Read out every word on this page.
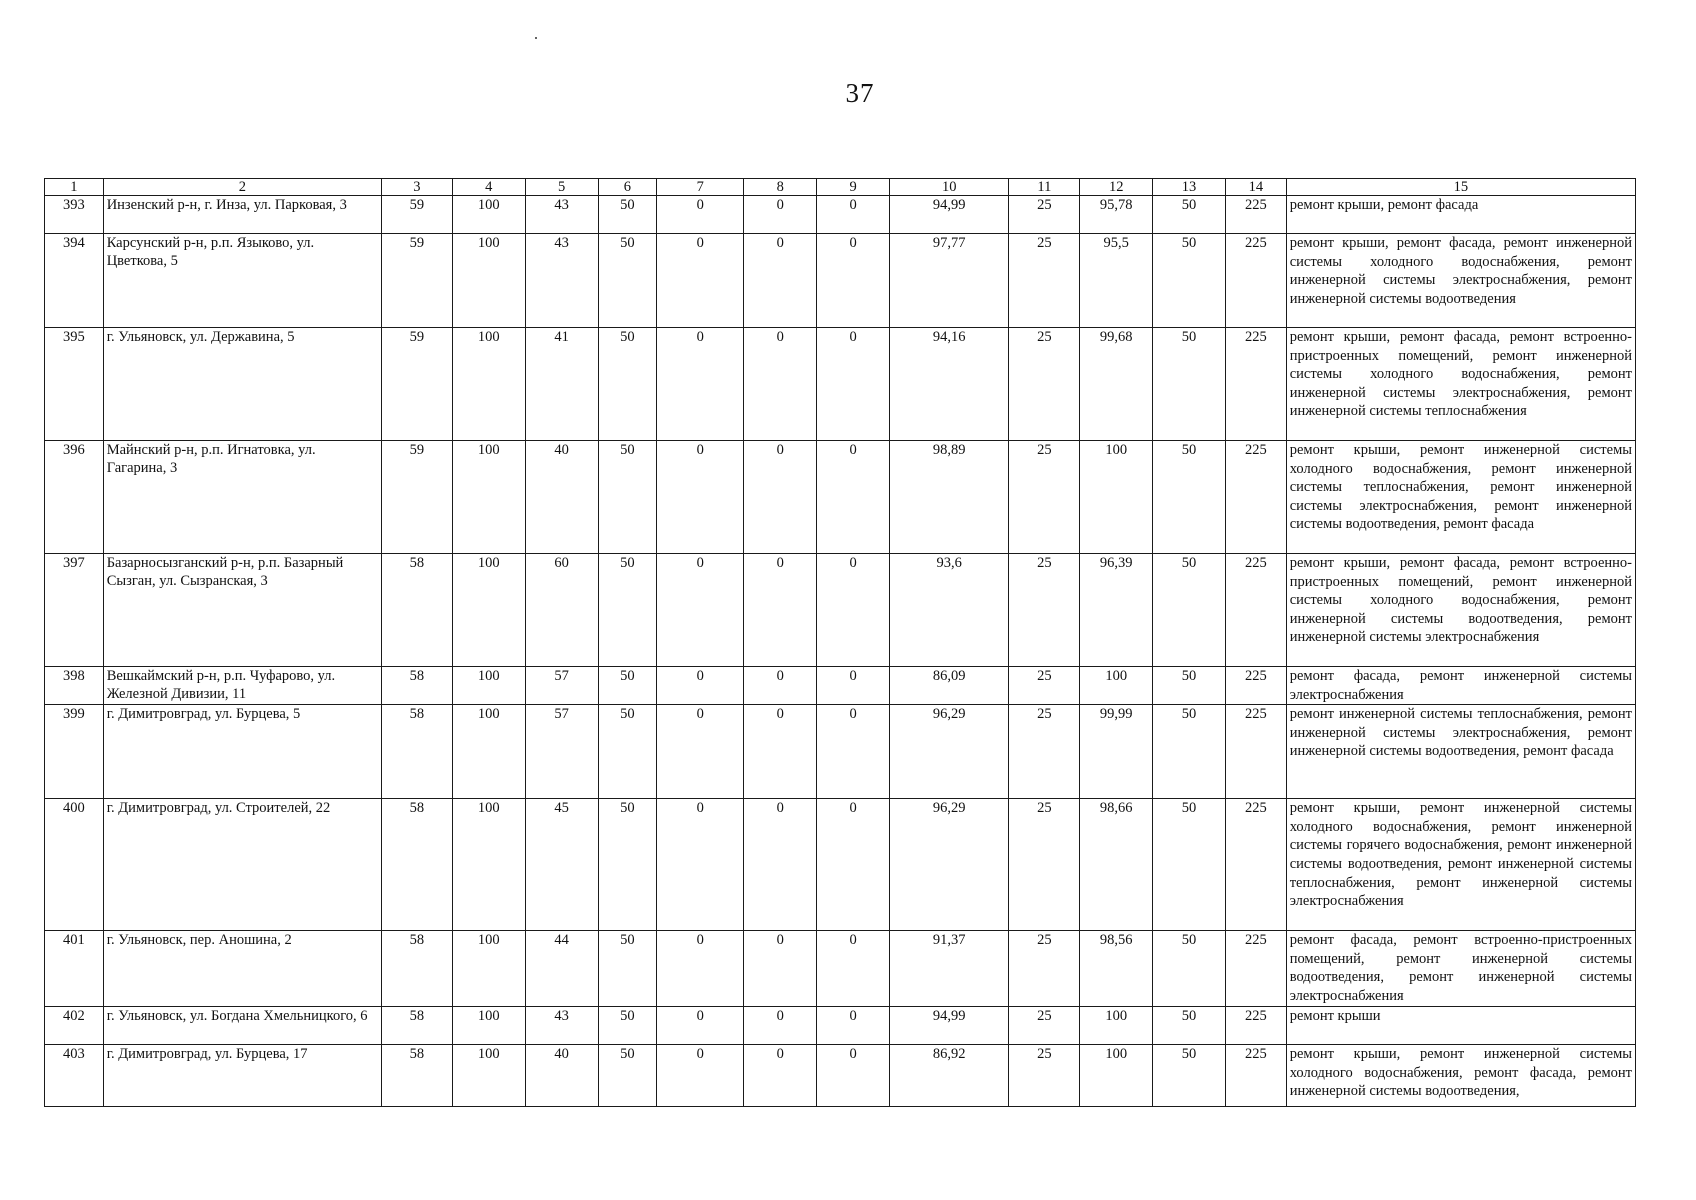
37
1	2	3	4	5	6	7	8	9	10	11	12	13	14	15
393	Инзенский р-н, г. Инза, ул. Парковая, 3	59	100	43	50	0	0	0	94,99	25	95,78	50	225	ремонт крыши, ремонт фасада
394	Карсунский р-н, р.п. Языково, ул. Цветкова, 5	59	100	43	50	0	0	0	97,77	25	95,5	50	225	ремонт крыши, ремонт фасада, ремонт инженерной системы холодного водоснабжения, ремонт инженерной системы электроснабжения, ремонт инженерной системы водоотведения
395	г. Ульяновск, ул. Державина, 5	59	100	41	50	0	0	0	94,16	25	99,68	50	225	ремонт крыши, ремонт фасада, ремонт встроенно-пристроенных помещений, ремонт инженерной системы холодного водоснабжения, ремонт инженерной системы электроснабжения, ремонт инженерной системы теплоснабжения
396	Майнский р-н, р.п. Игнатовка, ул. Гагарина, 3	59	100	40	50	0	0	0	98,89	25	100	50	225	ремонт крыши, ремонт инженерной системы холодного водоснабжения, ремонт инженерной системы теплоснабжения, ремонт инженерной системы электроснабжения, ремонт инженерной системы водоотведения, ремонт фасада
397	Базарносызганский р-н, р.п. Базарный Сызган, ул. Сызранская, 3	58	100	60	50	0	0	0	93,6	25	96,39	50	225	ремонт крыши, ремонт фасада, ремонт встроенно-пристроенных помещений, ремонт инженерной системы холодного водоснабжения, ремонт инженерной системы водоотведения, ремонт инженерной системы электроснабжения
398	Вешкаймский р-н, р.п. Чуфарово, ул. Железной Дивизии, 11	58	100	57	50	0	0	0	86,09	25	100	50	225	ремонт фасада, ремонт инженерной системы электроснабжения
399	г. Димитровград, ул. Бурцева, 5	58	100	57	50	0	0	0	96,29	25	99,99	50	225	ремонт инженерной системы теплоснабжения, ремонт инженерной системы электроснабжения, ремонт инженерной системы водоотведения, ремонт фасада
400	г. Димитровград, ул. Строителей, 22	58	100	45	50	0	0	0	96,29	25	98,66	50	225	ремонт крыши, ремонт инженерной системы холодного водоснабжения, ремонт инженерной системы горячего водоснабжения, ремонт инженерной системы водоотведения, ремонт инженерной системы теплоснабжения, ремонт инженерной системы электроснабжения
401	г. Ульяновск, пер. Аношина, 2	58	100	44	50	0	0	0	91,37	25	98,56	50	225	ремонт фасада, ремонт встроенно-пристроенных помещений, ремонт инженерной системы водоотведения, ремонт инженерной системы электроснабжения
402	г. Ульяновск, ул. Богдана Хмельницкого, 6	58	100	43	50	0	0	0	94,99	25	100	50	225	ремонт крыши
403	г. Димитровград, ул. Бурцева, 17	58	100	40	50	0	0	0	86,92	25	100	50	225	ремонт крыши, ремонт инженерной системы холодного водоснабжения, ремонт фасада, ремонт инженерной системы водоотведения,
